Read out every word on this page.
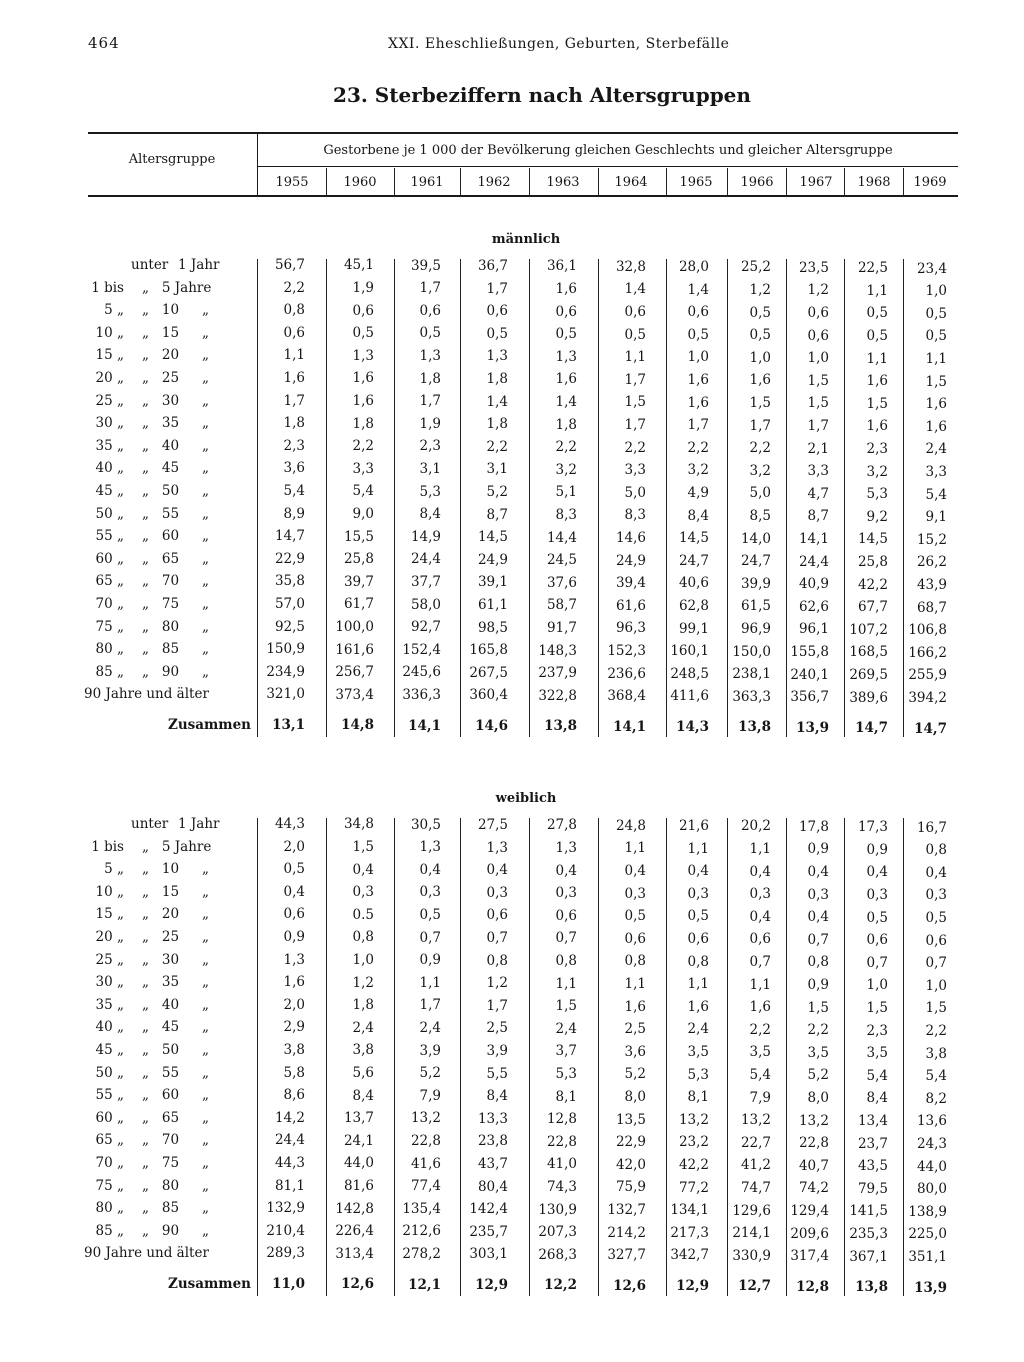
464	XXI. Eheschließungen, Geburten, Sterbefälle
23. Sterbeziffern nach Altersgruppen
Altersgruppe
Gestorbene je 1 000 der Bevölkerung gleichen Geschlechts und gleicher Altersgruppe
1955	1960	1961	1962	1963	1964	1965	1966	1967	1968	1969
männlich
unter 1 Jahr	56,7	45,1	39,5	36,7	36,1	32,8	28,0	25,2	23,5	22,5	23,4
1 bis „   5 Jahre	2,2	1,9	1,7	1,7	1,6	1,4	1,4	1,2	1,2	1,1	1,0
5 „ „   10 „	0,8	0,6	0,6	0,6	0,6	0,6	0,6	0,5	0,6	0,5	0,5
10 „ „   15 „	0,6	0,5	0,5	0,5	0,5	0,5	0,5	0,5	0,6	0,5	0,5
15 „ „   20 „	1,1	1,3	1,3	1,3	1,3	1,1	1,0	1,0	1,0	1,1	1,1
20 „ „   25 „	1,6	1,6	1,8	1,8	1,6	1,7	1,6	1,6	1,5	1,6	1,5
25 „ „   30 „	1,7	1,6	1,7	1,4	1,4	1,5	1,6	1,5	1,5	1,5	1,6
30 „ „   35 „	1,8	1,8	1,9	1,8	1,8	1,7	1,7	1,7	1,7	1,6	1,6
35 „ „   40 „	2,3	2,2	2,3	2,2	2,2	2,2	2,2	2,2	2,1	2,3	2,4
40 „ „   45 „	3,6	3,3	3,1	3,1	3,2	3,3	3,2	3,2	3,3	3,2	3,3
45 „ „   50 „	5,4	5,4	5,3	5,2	5,1	5,0	4,9	5,0	4,7	5,3	5,4
50 „ „   55 „	8,9	9,0	8,4	8,7	8,3	8,3	8,4	8,5	8,7	9,2	9,1
55 „ „   60 „	14,7	15,5	14,9	14,5	14,4	14,6	14,5	14,0	14,1	14,5	15,2
60 „ „   65 „	22,9	25,8	24,4	24,9	24,5	24,9	24,7	24,7	24,4	25,8	26,2
65 „ „   70 „	35,8	39,7	37,7	39,1	37,6	39,4	40,6	39,9	40,9	42,2	43,9
70 „ „   75 „	57,0	61,7	58,0	61,1	58,7	61,6	62,8	61,5	62,6	67,7	68,7
75 „ „   80 „	92,5	100,0	92,7	98,5	91,7	96,3	99,1	96,9	96,1	107,2	106,8
80 „ „   85 „	150,9	161,6	152,4	165,8	148,3	152,3	160,1	150,0	155,8	168,5	166,2
85 „ „   90 „	234,9	256,7	245,6	267,5	237,9	236,6	248,5	238,1	240,1	269,5	255,9
90 Jahre und älter	321,0	373,4	336,3	360,4	322,8	368,4	411,6	363,3	356,7	389,6	394,2
Zusammen	13,1	14,8	14,1	14,6	13,8	14,1	14,3	13,8	13,9	14,7	14,7
weiblich
unter 1 Jahr	44,3	34,8	30,5	27,5	27,8	24,8	21,6	20,2	17,8	17,3	16,7
1 bis „   5 Jahre	2,0	1,5	1,3	1,3	1,3	1,1	1,1	1,1	0,9	0,9	0,8
5 „ „   10 „	0,5	0,4	0,4	0,4	0,4	0,4	0,4	0,4	0,4	0,4	0,4
10 „ „   15 „	0,4	0,3	0,3	0,3	0,3	0,3	0,3	0,3	0,3	0,3	0,3
15 „ „   20 „	0,6	0.5	0,5	0,6	0,6	0,5	0,5	0,4	0,4	0,5	0,5
20 „ „   25 „	0,9	0,8	0,7	0,7	0,7	0,6	0,6	0,6	0,7	0,6	0,6
25 „ „   30 „	1,3	1,0	0,9	0,8	0,8	0,8	0,8	0,7	0,8	0,7	0,7
30 „ „   35 „	1,6	1,2	1,1	1,2	1,1	1,1	1,1	1,1	0,9	1,0	1,0
35 „ „   40 „	2,0	1,8	1,7	1,7	1,5	1,6	1,6	1,6	1,5	1,5	1,5
40 „ „   45 „	2,9	2,4	2,4	2,5	2,4	2,5	2,4	2,2	2,2	2,3	2,2
45 „ „   50 „	3,8	3,8	3,9	3,9	3,7	3,6	3,5	3,5	3,5	3,5	3,8
50 „ „   55 „	5,8	5,6	5,2	5,5	5,3	5,2	5,3	5,4	5,2	5,4	5,4
55 „ „   60 „	8,6	8,4	7,9	8,4	8,1	8,0	8,1	7,9	8,0	8,4	8,2
60 „ „   65 „	14,2	13,7	13,2	13,3	12,8	13,5	13,2	13,2	13,2	13,4	13,6
65 „ „   70 „	24,4	24,1	22,8	23,8	22,8	22,9	23,2	22,7	22,8	23,7	24,3
70 „ „   75 „	44,3	44,0	41,6	43,7	41,0	42,0	42,2	41,2	40,7	43,5	44,0
75 „ „   80 „	81,1	81,6	77,4	80,4	74,3	75,9	77,2	74,7	74,2	79,5	80,0
80 „ „   85 „	132,9	142,8	135,4	142,4	130,9	132,7	134,1	129,6	129,4	141,5	138,9
85 „ „   90 „	210,4	226,4	212,6	235,7	207,3	214,2	217,3	214,1	209,6	235,3	225,0
90 Jahre und älter	289,3	313,4	278,2	303,1	268,3	327,7	342,7	330,9	317,4	367,1	351,1
Zusammen	11,0	12,6	12,1	12,9	12,2	12,6	12,9	12,7	12,8	13,8	13,9
